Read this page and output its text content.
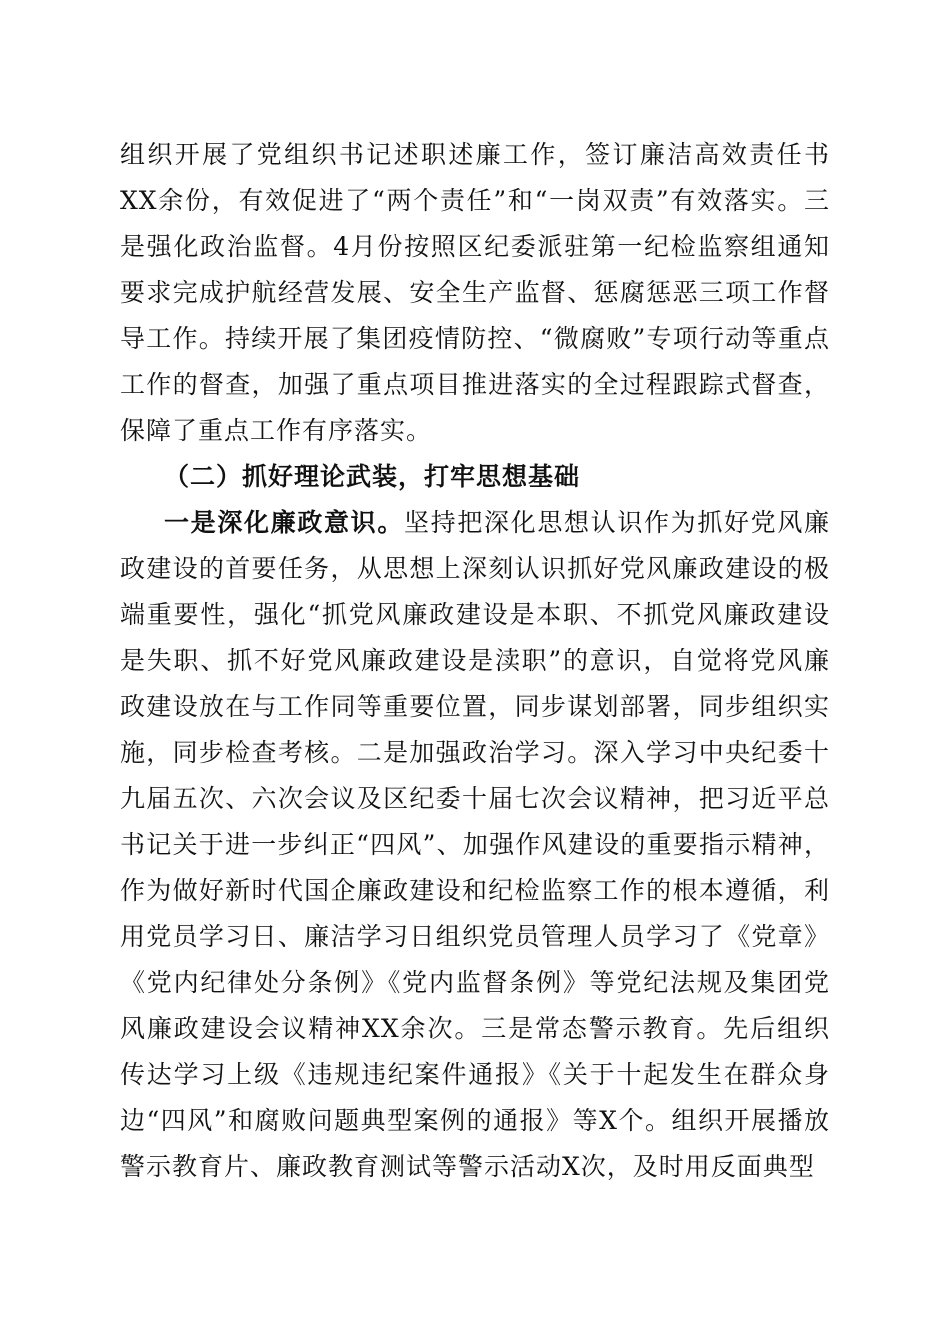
组织开展了党组织书记述职述廉工作，签订廉洁高效责任书XX余份，有效促进了“两个责任”和“一岗双责”有效落实。三是强化政治监督。4月份按照区纪委派驻第一纪检监察组通知要求完成护航经营发展、安全生产监督、惩腐惩恶三项工作督导工作。持续开展了集团疫情防控、“微腐败”专项行动等重点工作的督查，加强了重点项目推进落实的全过程跟踪式督查，保障了重点工作有序落实。

（二）抓好理论武装，打牢思想基础

一是深化廉政意识。坚持把深化思想认识作为抓好党风廉政建设的首要任务，从思想上深刻认识抓好党风廉政建设的极端重要性，强化“抓党风廉政建设是本职、不抓党风廉政建设是失职、抓不好党风廉政建设是渎职”的意识，自觉将党风廉政建设放在与工作同等重要位置，同步谋划部署，同步组织实施，同步检查考核。二是加强政治学习。深入学习中央纪委十九届五次、六次会议及区纪委十届七次会议精神，把习近平总书记关于进一步纠正“四风”、加强作风建设的重要指示精神，作为做好新时代国企廉政建设和纪检监察工作的根本遵循，利用党员学习日、廉洁学习日组织党员管理人员学习了《党章》《党内纪律处分条例》《党内监督条例》等党纪法规及集团党风廉政建设会议精神XX余次。三是常态警示教育。先后组织传达学习上级《违规违纪案件通报》《关于十起发生在群众身边“四风”和腐败问题典型案例的通报》等X个。组织开展播放警示教育片、廉政教育测试等警示活动X次，及时用反面典型
